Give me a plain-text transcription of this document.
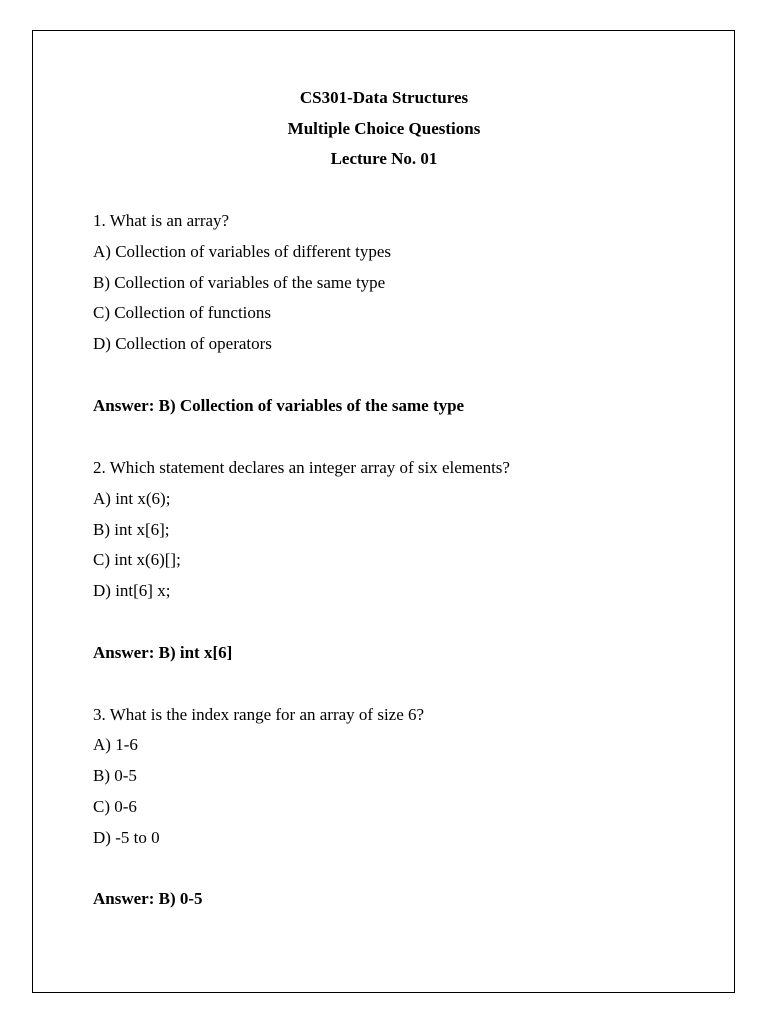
CS301-Data Structures
Multiple Choice Questions
Lecture No. 01
1. What is an array?
A) Collection of variables of different types
B) Collection of variables of the same type
C) Collection of functions
D) Collection of operators
Answer: B) Collection of variables of the same type
2. Which statement declares an integer array of six elements?
A) int x(6);
B) int x[6];
C) int x(6)[];
D) int[6] x;
Answer: B) int x[6]
3. What is the index range for an array of size 6?
A) 1-6
B) 0-5
C) 0-6
D) -5 to 0
Answer: B) 0-5
